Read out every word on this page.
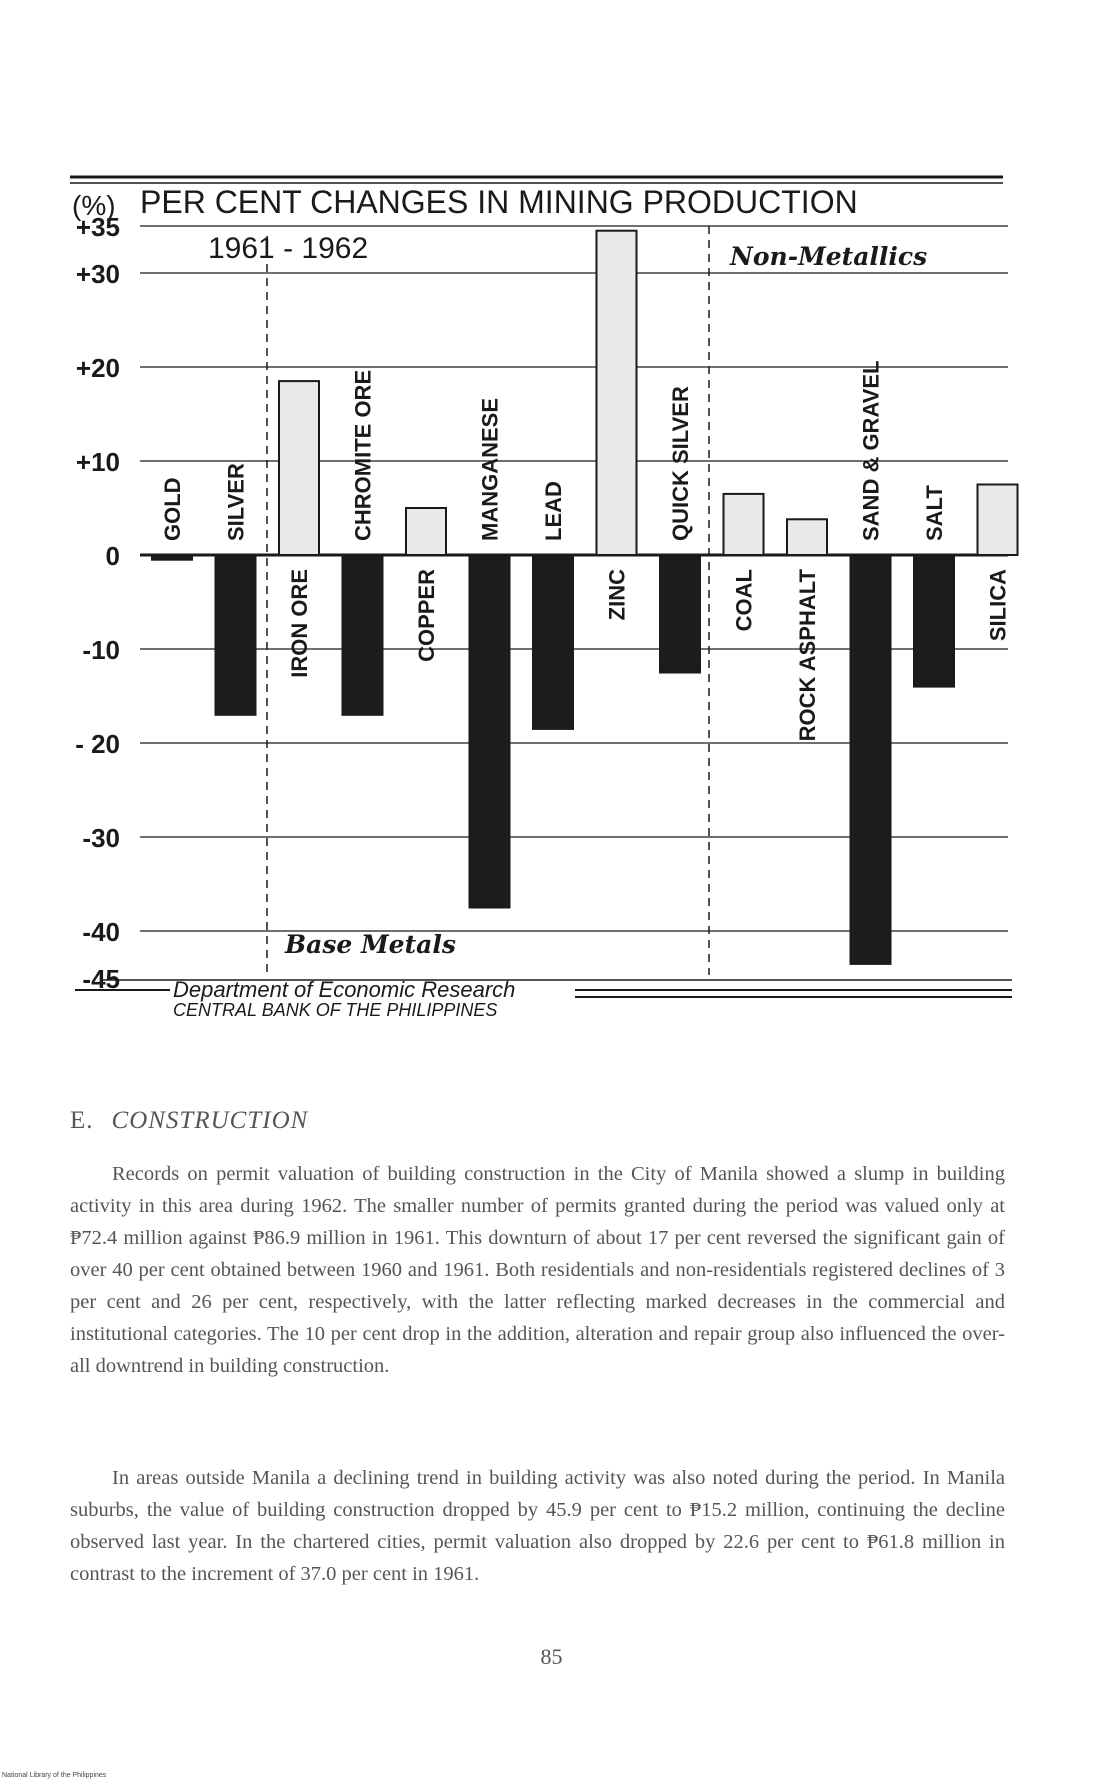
(%) PER CENT CHANGES IN MINING PRODUCTION
1961 - 1962
+35
+30
+20
+10
0
-10
- 20
-30
-40
-45
GOLD SILVER
IRON ORE
CHROMITE ORE
COPPER
MANGANESE LEAD
ZINC
QUICK SILVER
COAL ROCK ASPHALT
SAND & GRAVEL SALT
SILICA
Base Metals
Non-Metallics
Department of Economic Research
CENTRAL BANK OF THE PHILIPPINES
E. CONSTRUCTION
Records on permit valuation of building construction in the City of Manila showed a slump in building activity in this area during 1962. The smaller number of permits granted during the period was valued only at ₱72.4 million against ₱86.9 million in 1961. This downturn of about 17 per cent reversed the significant gain of over 40 per cent obtained between 1960 and 1961. Both residentials and non-residentials registered declines of 3 per cent and 26 per cent, respectively, with the latter reflecting marked decreases in the commercial and institutional categories. The 10 per cent drop in the addition, alteration and repair group also influenced the over-all downtrend in building construction.
In areas outside Manila a declining trend in building activity was also noted during the period. In Manila suburbs, the value of building construction dropped by 45.9 per cent to ₱15.2 million, continuing the decline observed last year. In the chartered cities, permit valuation also dropped by 22.6 per cent to ₱61.8 million in contrast to the increment of 37.0 per cent in 1961.
85
National Library of the Philippines
